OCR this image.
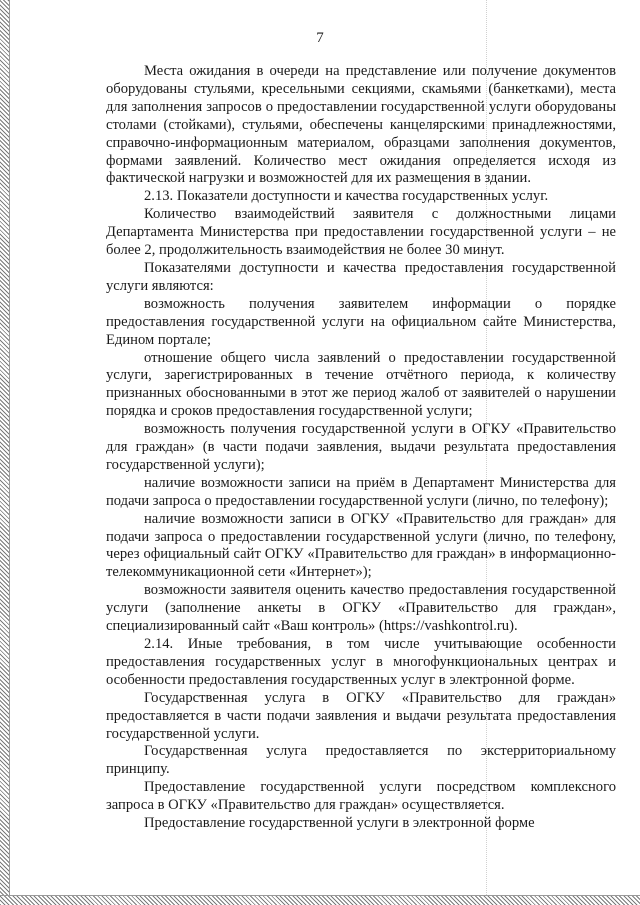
7

Места ожидания в очереди на представление или получение документов оборудованы стульями, кресельными секциями, скамьями (банкетками), места для заполнения запросов о предоставлении государственной услуги оборудованы столами (стойками), стульями, обеспечены канцелярскими принадлежностями, справочно-информационным материалом, образцами заполнения документов, формами заявлений. Количество мест ожидания определяется исходя из фактической нагрузки и возможностей для их размещения в здании.

2.13. Показатели доступности и качества государственных услуг.

Количество взаимодействий заявителя с должностными лицами Департамента Министерства при предоставлении государственной услуги – не более 2, продолжительность взаимодействия не более 30 минут.

Показателями доступности и качества предоставления государственной услуги являются:

возможность получения заявителем информации о порядке предоставления государственной услуги на официальном сайте Министерства, Едином портале;

отношение общего числа заявлений о предоставлении государственной услуги, зарегистрированных в течение отчётного периода, к количеству признанных обоснованными в этот же период жалоб от заявителей о нарушении порядка и сроков предоставления государственной услуги;

возможность получения государственной услуги в ОГКУ «Правительство для граждан» (в части подачи заявления, выдачи результата предоставления государственной услуги);

наличие возможности записи на приём в Департамент Министерства для подачи запроса о предоставлении государственной услуги (лично, по телефону);

наличие возможности записи в ОГКУ «Правительство для граждан» для подачи запроса о предоставлении государственной услуги (лично, по телефону, через официальный сайт ОГКУ «Правительство для граждан» в информационно-телекоммуникационной сети «Интернет»);

возможности заявителя оценить качество предоставления государственной услуги (заполнение анкеты в ОГКУ «Правительство для граждан», специализированный сайт «Ваш контроль» (https://vashkontrol.ru).

2.14. Иные требования, в том числе учитывающие особенности предоставления государственных услуг в многофункциональных центрах и особенности предоставления государственных услуг в электронной форме.

Государственная услуга в ОГКУ «Правительство для граждан» предоставляется в части подачи заявления и выдачи результата предоставления государственной услуги.

Государственная услуга предоставляется по экстерриториальному принципу.

Предоставление государственной услуги посредством комплексного запроса в ОГКУ «Правительство для граждан» осуществляется.

Предоставление государственной услуги в электронной форме
